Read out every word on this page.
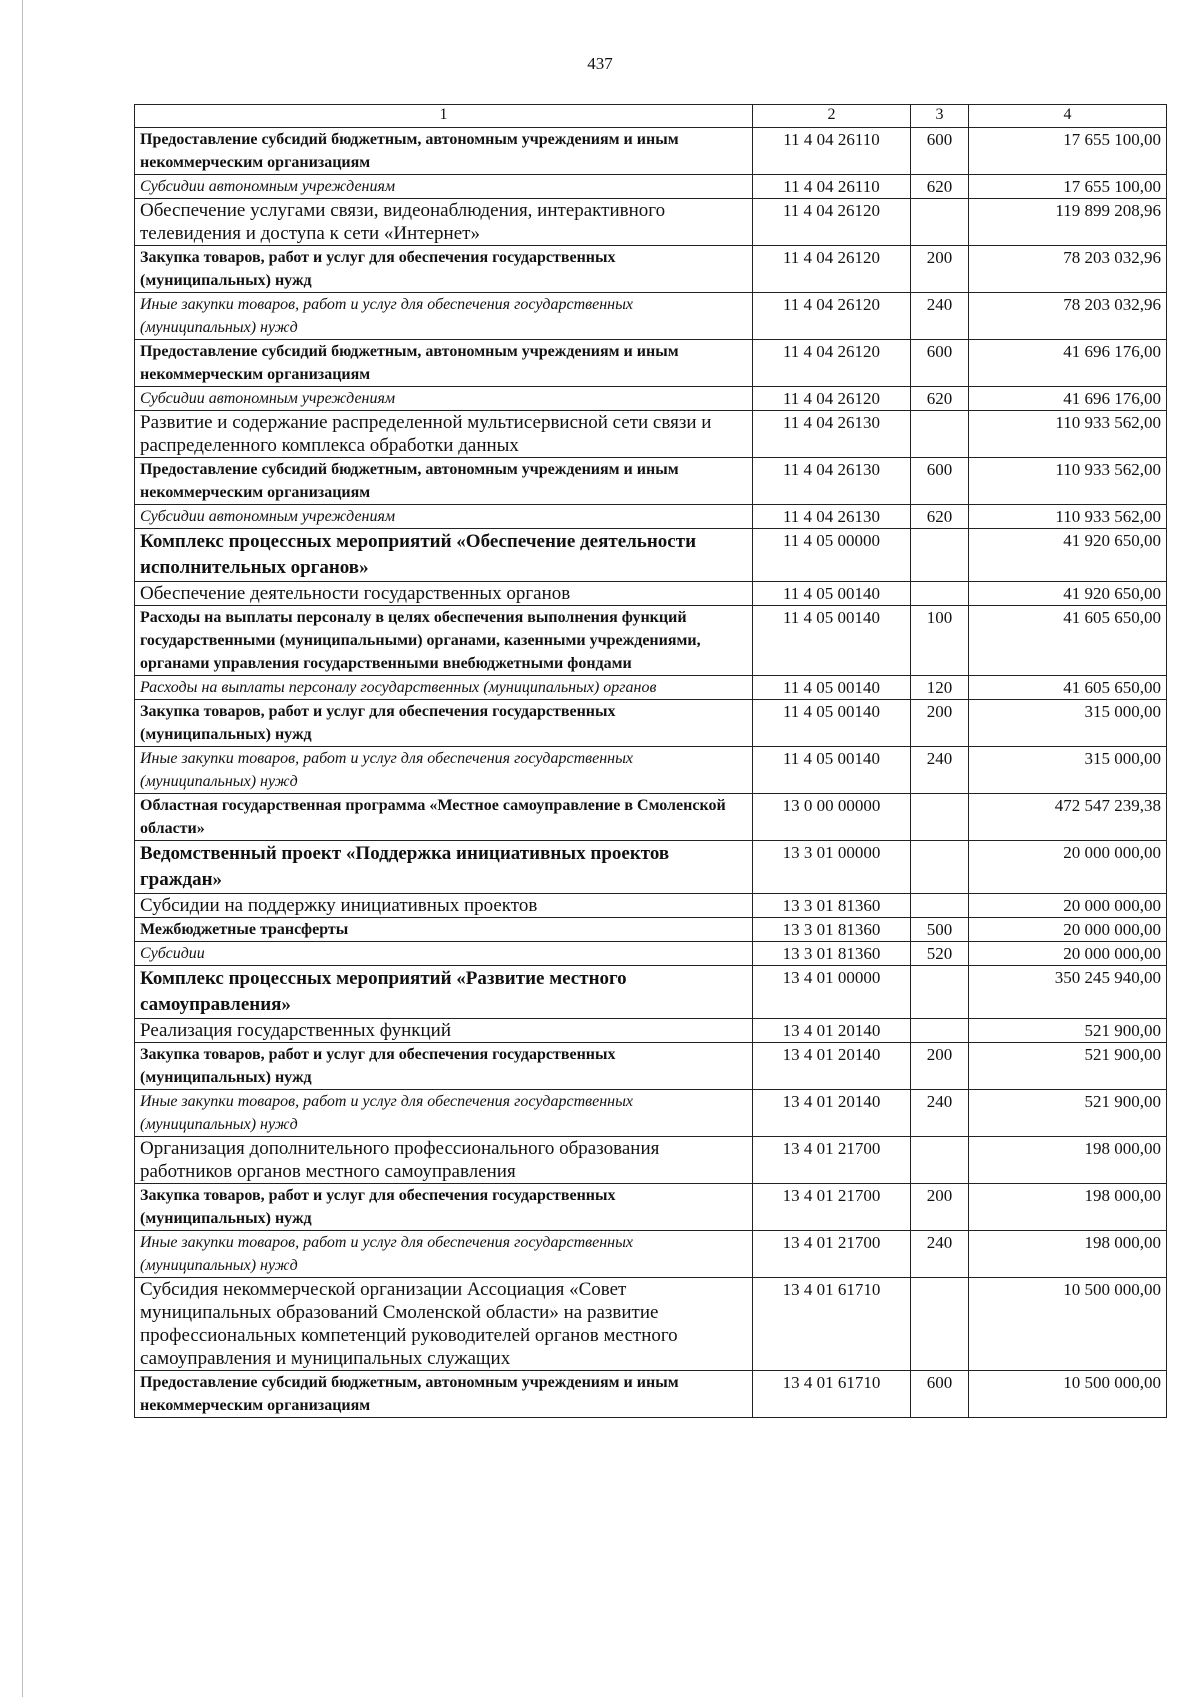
437
1	2	3	4
Предоставление субсидий бюджетным, автономным учреждениям и иным некоммерческим организациям	11 4 04 26110	600	17 655 100,00
Субсидии автономным учреждениям	11 4 04 26110	620	17 655 100,00
Обеспечение услугами связи, видеонаблюдения, интерактивного телевидения и доступа к сети «Интернет»	11 4 04 26120		119 899 208,96
Закупка товаров, работ и услуг для обеспечения государственных (муниципальных) нужд	11 4 04 26120	200	78 203 032,96
Иные закупки товаров, работ и услуг для обеспечения государственных (муниципальных) нужд	11 4 04 26120	240	78 203 032,96
Предоставление субсидий бюджетным, автономным учреждениям и иным некоммерческим организациям	11 4 04 26120	600	41 696 176,00
Субсидии автономным учреждениям	11 4 04 26120	620	41 696 176,00
Развитие и содержание распределенной мультисервисной сети связи и распределенного комплекса обработки данных	11 4 04 26130		110 933 562,00
Предоставление субсидий бюджетным, автономным учреждениям и иным некоммерческим организациям	11 4 04 26130	600	110 933 562,00
Субсидии автономным учреждениям	11 4 04 26130	620	110 933 562,00
Комплекс процессных мероприятий «Обеспечение деятельности исполнительных органов»	11 4 05 00000		41 920 650,00
Обеспечение деятельности государственных органов	11 4 05 00140		41 920 650,00
Расходы на выплаты персоналу в целях обеспечения выполнения функций государственными (муниципальными) органами, казенными учреждениями, органами управления государственными внебюджетными фондами	11 4 05 00140	100	41 605 650,00
Расходы на выплаты персоналу государственных (муниципальных) органов	11 4 05 00140	120	41 605 650,00
Закупка товаров, работ и услуг для обеспечения государственных (муниципальных) нужд	11 4 05 00140	200	315 000,00
Иные закупки товаров, работ и услуг для обеспечения государственных (муниципальных) нужд	11 4 05 00140	240	315 000,00
Областная государственная программа «Местное самоуправление в Смоленской области»	13 0 00 00000		472 547 239,38
Ведомственный проект «Поддержка инициативных проектов граждан»	13 3 01 00000		20 000 000,00
Субсидии на поддержку инициативных проектов	13 3 01 81360		20 000 000,00
Межбюджетные трансферты	13 3 01 81360	500	20 000 000,00
Субсидии	13 3 01 81360	520	20 000 000,00
Комплекс процессных мероприятий «Развитие местного самоуправления»	13 4 01 00000		350 245 940,00
Реализация государственных функций	13 4 01 20140		521 900,00
Закупка товаров, работ и услуг для обеспечения государственных (муниципальных) нужд	13 4 01 20140	200	521 900,00
Иные закупки товаров, работ и услуг для обеспечения государственных (муниципальных) нужд	13 4 01 20140	240	521 900,00
Организация дополнительного профессионального образования работников органов местного самоуправления	13 4 01 21700		198 000,00
Закупка товаров, работ и услуг для обеспечения государственных (муниципальных) нужд	13 4 01 21700	200	198 000,00
Иные закупки товаров, работ и услуг для обеспечения государственных (муниципальных) нужд	13 4 01 21700	240	198 000,00
Субсидия некоммерческой организации Ассоциация «Совет муниципальных образований Смоленской области» на развитие профессиональных компетенций руководителей органов местного самоуправления и муниципальных служащих	13 4 01 61710		10 500 000,00
Предоставление субсидий бюджетным, автономным учреждениям и иным некоммерческим организациям	13 4 01 61710	600	10 500 000,00
